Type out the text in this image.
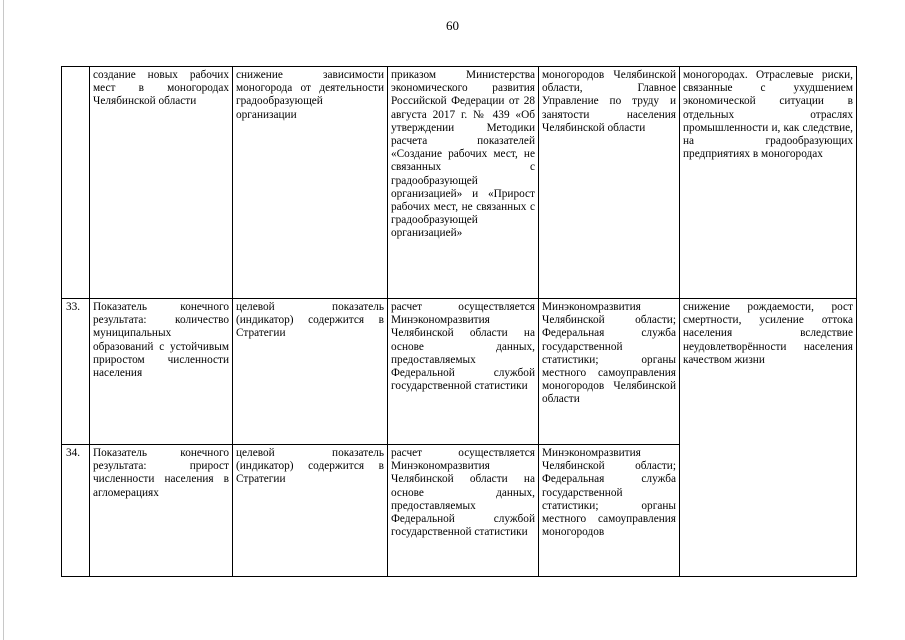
60
	создание новых рабочих мест в моногородах Челябинской области	снижение зависимости моногорода от деятельности градообразующей организации	приказом Министерства экономического развития Российской Федерации от 28 августа 2017 г. № 439 «Об утверждении Методики расчета показателей «Создание рабочих мест, не связанных с градообразующей организацией» и «Прирост рабочих мест, не связанных с градообразующей организацией»	моногородов Челябинской области, Главное Управление по труду и занятости населения Челябинской области	моногородах. Отраслевые риски, связанные с ухудшением экономической ситуации в отдельных отраслях промышленности и, как следствие, на градообразующих предприятиях в моногородах

33.	Показатель конечного результата: количество муниципальных образований с устойчивым приростом численности населения	целевой показатель (индикатор) содержится в Стратегии	расчет осуществляется Минэкономразвития Челябинской области на основе данных, предоставляемых Федеральной службой государственной статистики	Минэкономразвития Челябинской области; Федеральная служба государственной статистики; органы местного самоуправления моногородов Челябинской области	снижение рождаемости, рост смертности, усиление оттока населения вследствие неудовлетворённости населения качеством жизни

34.	Показатель конечного результата: прирост численности населения в агломерациях	целевой показатель (индикатор) содержится в Стратегии	расчет осуществляется Минэкономразвития Челябинской области на основе данных, предоставляемых Федеральной службой государственной статистики	Минэкономразвития Челябинской области; Федеральная служба государственной статистики; органы местного самоуправления моногородов	
